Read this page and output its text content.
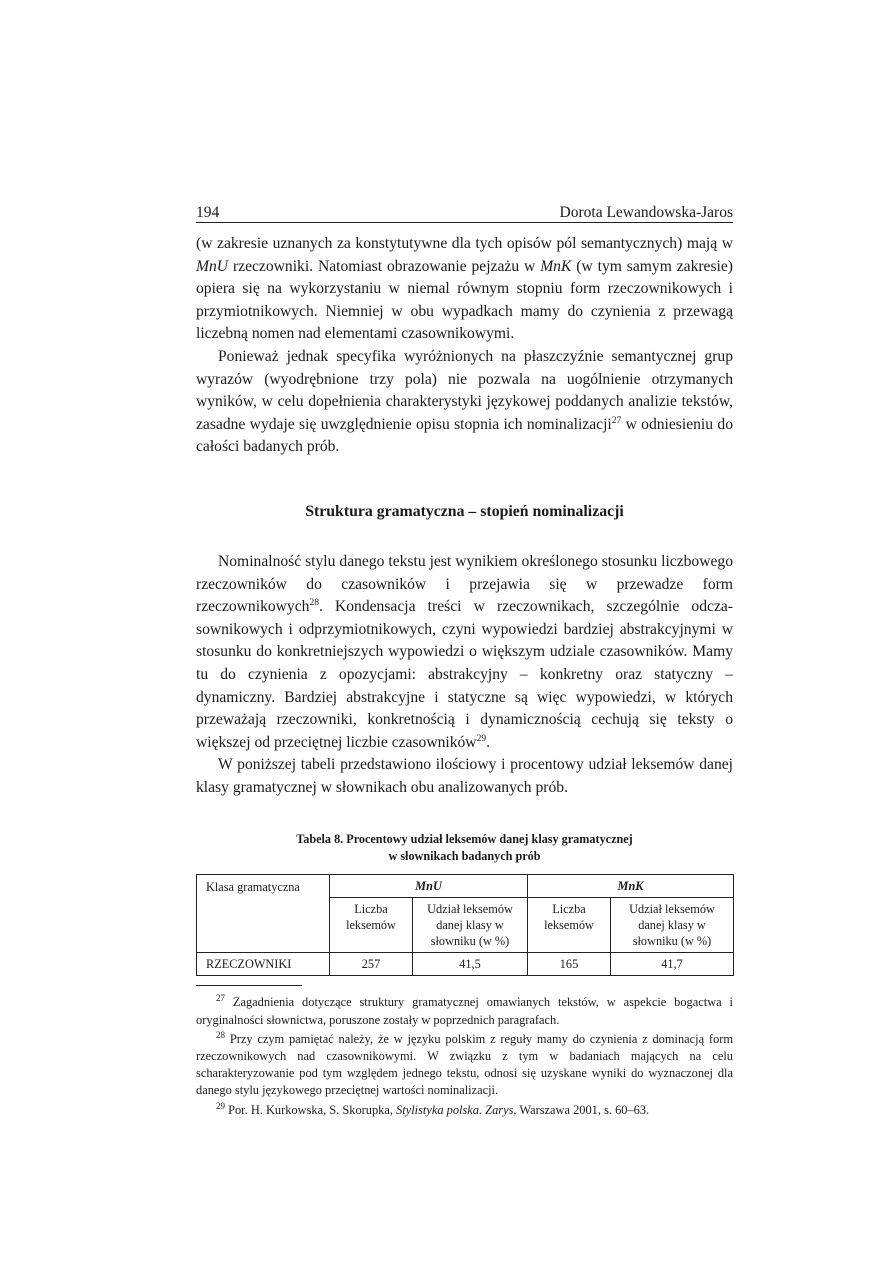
194	Dorota Lewandowska-Jaros

(w zakresie uznanych za konstytutywne dla tych opisów pól semantycznych) mają w MnU rzeczowniki. Natomiast obrazowanie pejzażu w MnK (w tym samym zakresie) opiera się na wykorzystaniu w niemal równym stopniu form rzeczownikowych i przymiotnikowych. Niemniej w obu wypadkach mamy do czynienia z przewagą liczebną nomen nad elementami czasownikowymi.

Ponieważ jednak specyfika wyróżnionych na płaszczyźnie semantycznej grup wyrazów (wyodrębnione trzy pola) nie pozwala na uogólnienie otrzymanych wyników, w celu dopełnienia charakterystyki językowej poddanych analizie tekstów, zasadne wydaje się uwzględnienie opisu stopnia ich nominalizacji$^{27}$ w odniesieniu do całości badanych prób.

Struktura gramatyczna – stopień nominalizacji

Nominalność stylu danego tekstu jest wynikiem określonego stosunku liczbowego rzeczowników do czasowników i przejawia się w przewadze form rzeczownikowych$^{28}$. Kondensacja treści w rzeczownikach, szczególnie odczasownikowych i odprzymiotnikowych, czyni wypowiedzi bardziej abstrakcyjnymi w stosunku do konkretniejszych wypowiedzi o większym udziale czasowników. Mamy tu do czynienia z opozycjami: abstrakcyjny – konkretny oraz statyczny – dynamiczny. Bardziej abstrakcyjne i statyczne są więc wypowiedzi, w których przeważają rzeczowniki, konkretnością i dynamicznością cechują się teksty o większej od przeciętnej liczbie czasowników$^{29}$.

W poniższej tabeli przedstawiono ilościowy i procentowy udział leksemów danej klasy gramatycznej w słownikach obu analizowanych prób.

Tabela 8. Procentowy udział leksemów danej klasy gramatycznej
w słownikach badanych prób
Klasa gramatyczna	MnU		MnK	
	Liczba leksemów	Udział leksemów danej klasy w słowniku (w %)	Liczba leksemów	Udział leksemów danej klasy w słowniku (w %)
RZECZOWNIKI	257	41,5	165	41,7

$^{27}$ Zagadnienia dotyczące struktury gramatycznej omawianych tekstów, w aspekcie bogactwa i oryginalności słownictwa, poruszone zostały w poprzednich paragrafach.

$^{28}$ Przy czym pamiętać należy, że w języku polskim z reguły mamy do czynienia z dominacją form rzeczownikowych nad czasownikowymi. W związku z tym w badaniach mających na celu scharakteryzowanie pod tym względem jednego tekstu, odnosi się uzyskane wyniki do wyznaczonej dla danego stylu językowego przeciętnej wartości nominalizacji.

$^{29}$ Por. H. Kurkowska, S. Skorupka, Stylistyka polska. Zarys, Warszawa 2001, s. 60–63.
